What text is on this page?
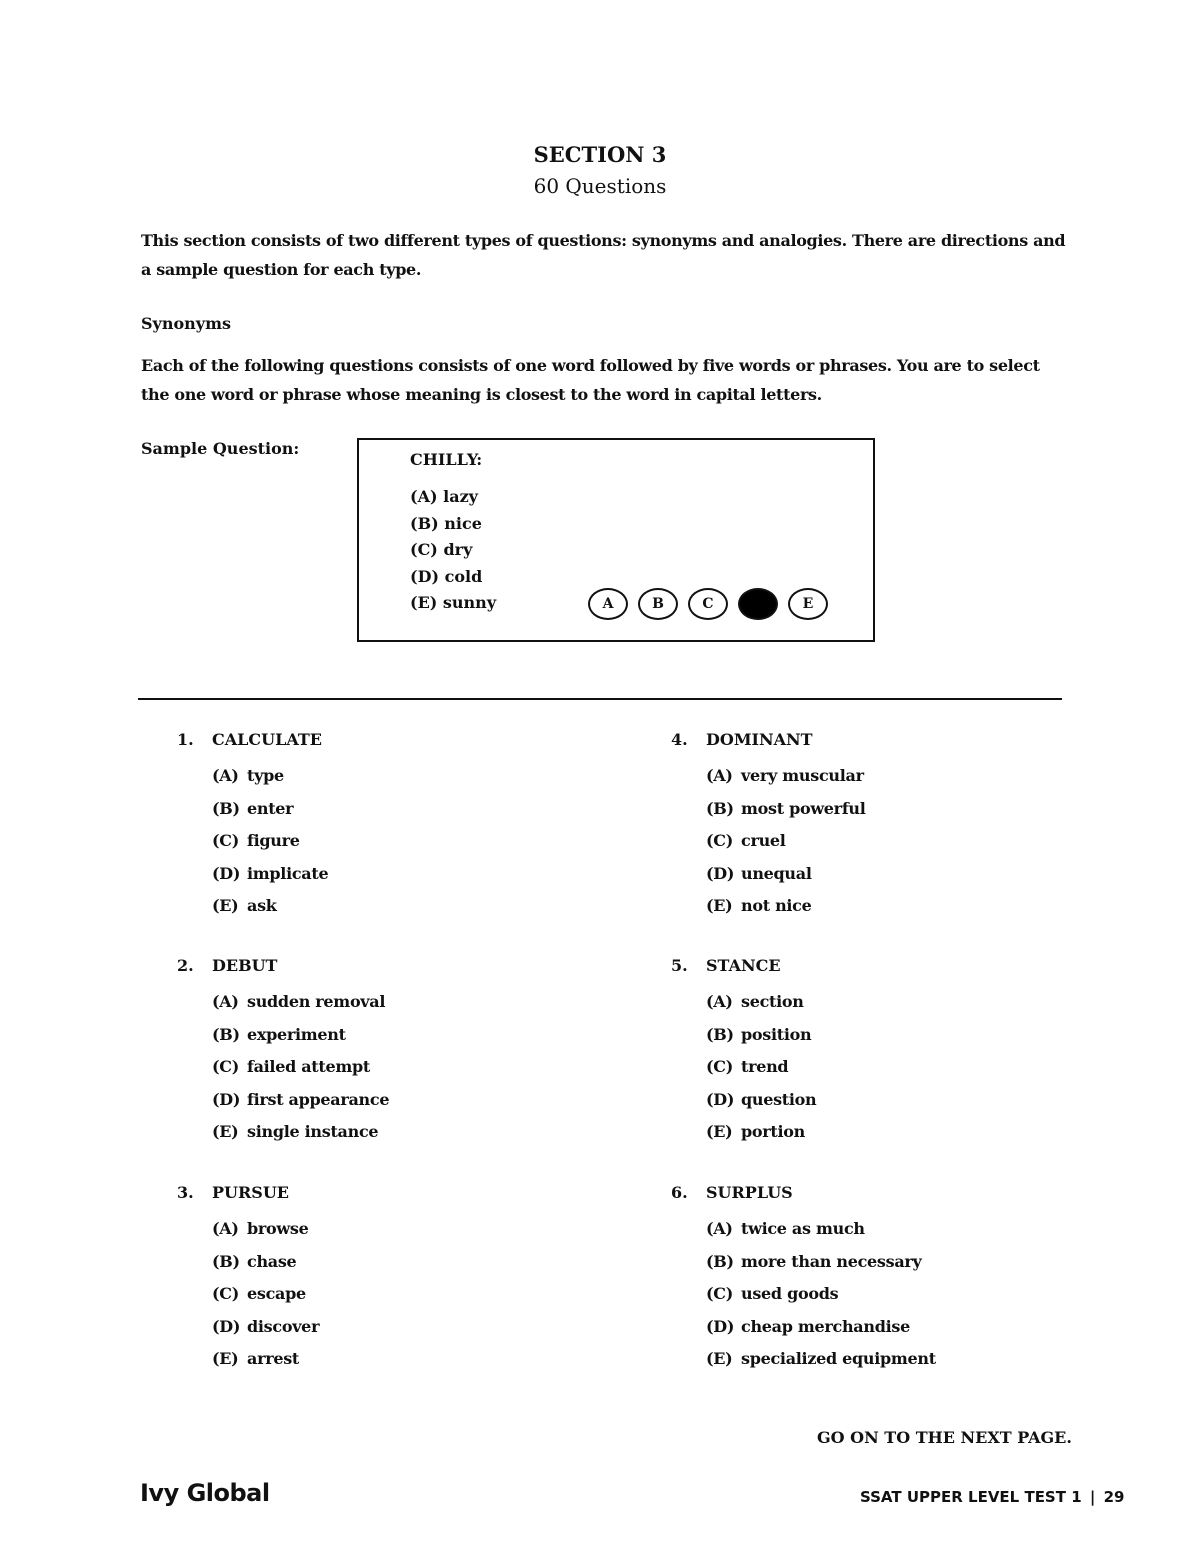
SECTION 3
60 Questions
This section consists of two different types of questions: synonyms and analogies. There are directions and a sample question for each type.
Synonyms
Each of the following questions consists of one word followed by five words or phrases. You are to select the one word or phrase whose meaning is closest to the word in capital letters.
Sample Question:
CHILLY:
(A) lazy
(B) nice
(C) dry
(D) cold
(E) sunny	A	B	C	E
1. CALCULATE
(A) type
(B) enter
(C) figure
(D) implicate
(E) ask
2. DEBUT
(A) sudden removal
(B) experiment
(C) failed attempt
(D) first appearance
(E) single instance
3. PURSUE
(A) browse
(B) chase
(C) escape
(D) discover
(E) arrest
4. DOMINANT
(A) very muscular
(B) most powerful
(C) cruel
(D) unequal
(E) not nice
5. STANCE
(A) section
(B) position
(C) trend
(D) question
(E) portion
6. SURPLUS
(A) twice as much
(B) more than necessary
(C) used goods
(D) cheap merchandise
(E) specialized equipment
GO ON TO THE NEXT PAGE.
Ivy Global	SSAT UPPER LEVEL TEST 1 | 29
